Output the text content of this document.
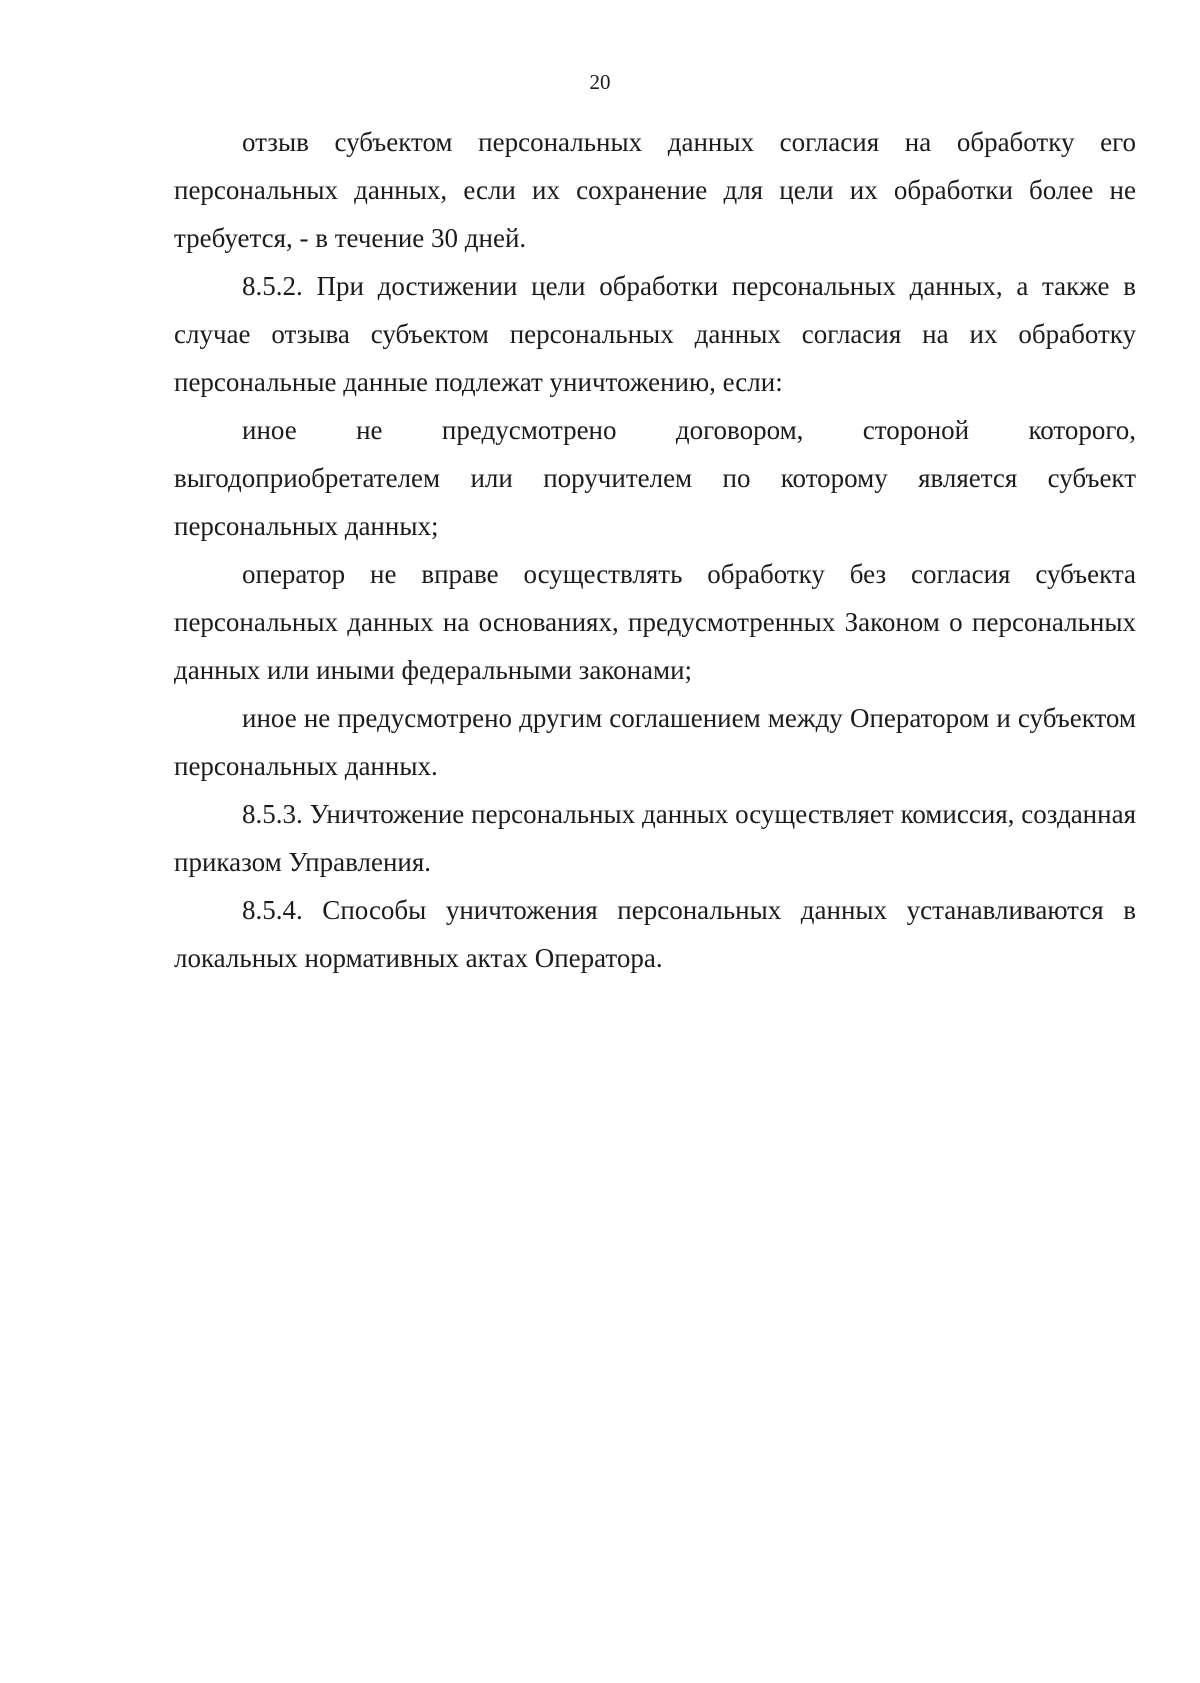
20

отзыв субъектом персональных данных согласия на обработку его персональных данных, если их сохранение для цели их обработки более не требуется, - в течение 30 дней.

8.5.2. При достижении цели обработки персональных данных, а также в случае отзыва субъектом персональных данных согласия на их обработку персональные данные подлежат уничтожению, если:

иное не предусмотрено договором, стороной которого, выгодоприобретателем или поручителем по которому является субъект персональных данных;

оператор не вправе осуществлять обработку без согласия субъекта персональных данных на основаниях, предусмотренных Законом о персональных данных или иными федеральными законами;

иное не предусмотрено другим соглашением между Оператором и субъектом персональных данных.

8.5.3. Уничтожение персональных данных осуществляет комиссия, созданная приказом Управления.

8.5.4. Способы уничтожения персональных данных устанавливаются в локальных нормативных актах Оператора.
